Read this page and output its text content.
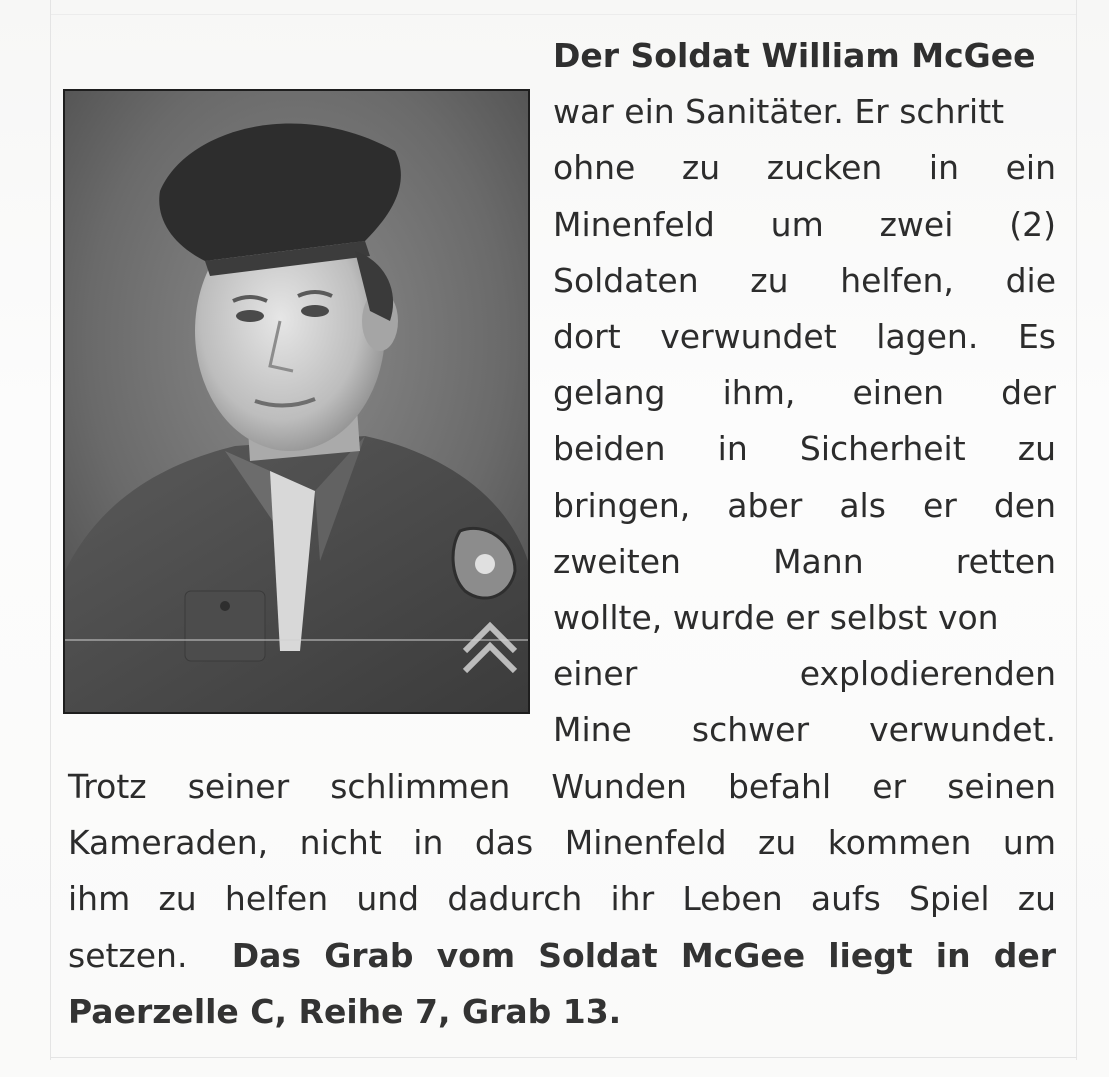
Der Soldat William McGee
war ein Sanitäter. Er schritt
ohne zu zucken in ein
Minenfeld um zwei (2)
Soldaten zu helfen, die
dort verwundet lagen. Es
gelang ihm, einen der
beiden in Sicherheit zu
bringen, aber als er den
zweiten Mann retten
wollte, wurde er selbst von
einer explodierenden
Mine schwer verwundet.
Trotz seiner schlimmen Wunden befahl er seinen
Kameraden, nicht in das Minenfeld zu kommen um
ihm zu helfen und dadurch ihr Leben aufs Spiel zu
setzen. Das Grab vom Soldat McGee liegt in der
Paerzelle C, Reihe 7, Grab 13.
